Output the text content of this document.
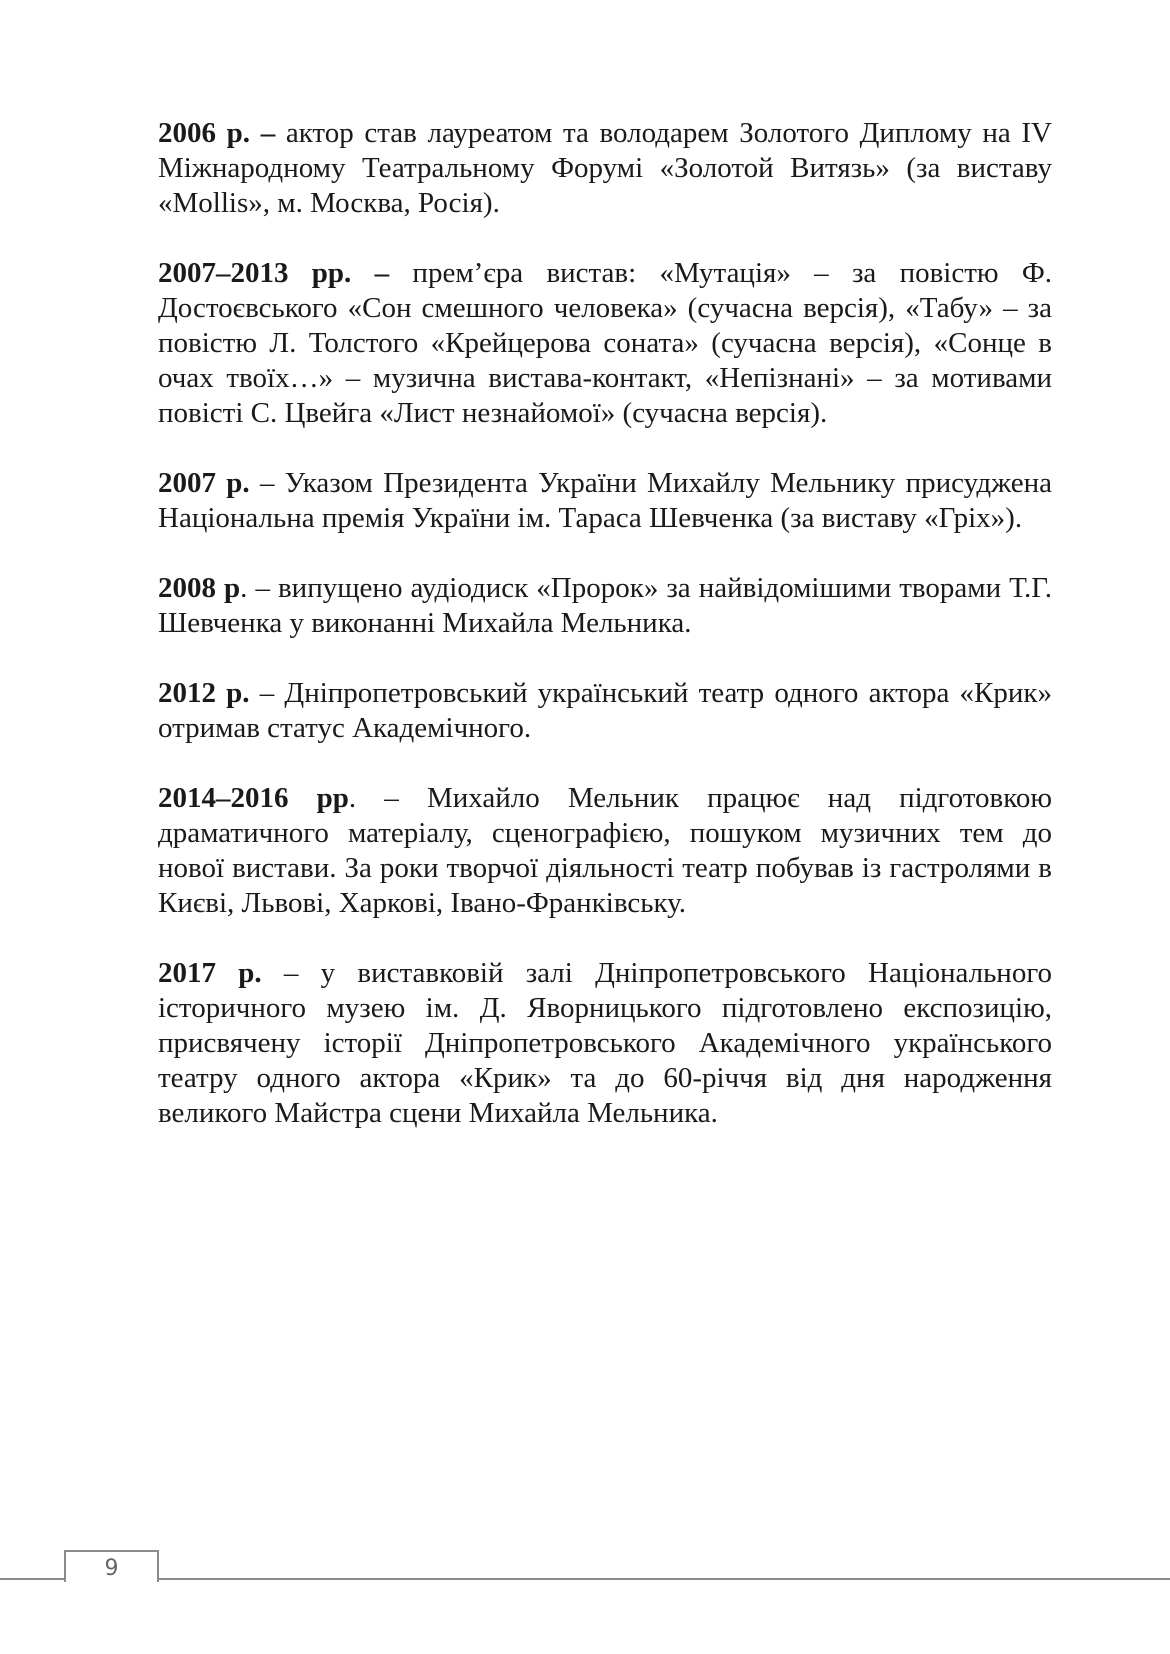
2006 р. – актор став лауреатом та володарем Золотого Диплому на IV Міжнародному Театральному Форумі «Золотой Витязь» (за виставу «Mollis», м. Москва, Росія).

2007–2013 рр. – прем’єра вистав: «Мутація» – за повістю Ф. Достоєвського «Сон смешного человека» (сучасна версія), «Табу» – за повістю Л. Толстого «Крейцерова соната» (сучасна версія), «Сонце в очах твоїх…» – музична вистава-контакт, «Непізнані» – за мотивами повісті С. Цвейга «Лист незнайомої» (сучасна версія).

2007 р. – Указом Президента України Михайлу Мельнику присуджена Національна премія України ім. Тараса Шевченка (за виставу «Гріх»).

2008 р. – випущено аудіодиск «Пророк» за найвідомішими творами Т.Г. Шевченка у виконанні Михайла Мельника.

2012 р. – Дніпропетровський український театр одного актора «Крик» отримав статус Академічного.

2014–2016 рр. – Михайло Мельник працює над підготовкою драматичного матеріалу, сценографією, пошуком музичних тем до нової вистави. За роки творчої діяльності театр побував із гастролями в Києві, Львові, Харкові, Івано-Франківську.

2017 р. – у виставковій залі Дніпропетровського Національного історичного музею ім. Д. Яворницького підготовлено експозицію, присвячену історії Дніпропетровського Академічного українського театру одного актора «Крик» та до 60-річчя від дня народження великого Майстра сцени Михайла Мельника.

9
